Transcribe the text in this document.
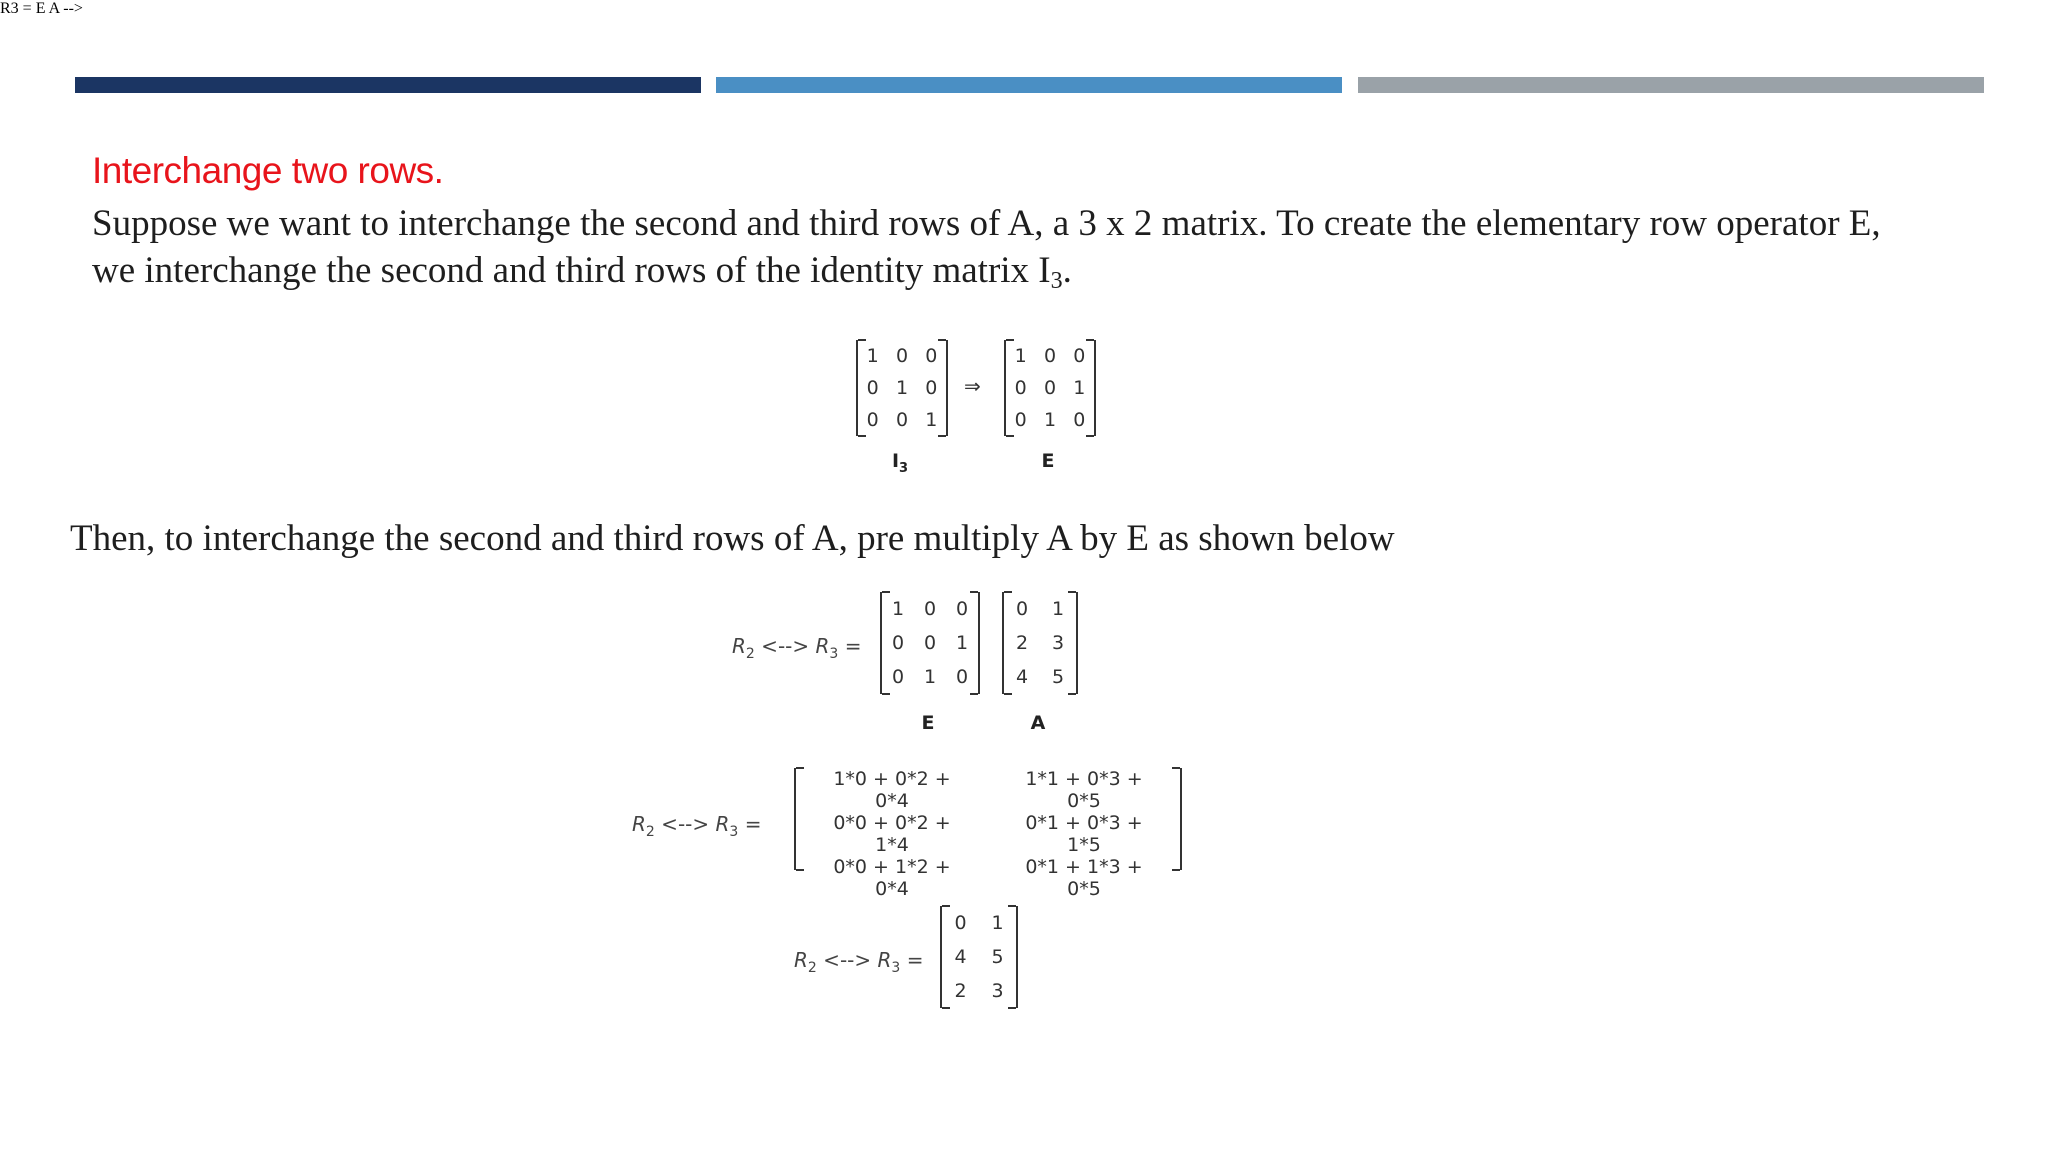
Interchange two rows.
Suppose we want to interchange the second and third rows of A, a 3 x 2 matrix. To create the elementary row operator E,
we interchange the second and third rows of the identity matrix $I_3$.
1	0	0
0	1	0
0	0	1
⇒
1	0	0
0	0	1
0	1	0
$I_3$	E
Then, to interchange the second and third rows of A, pre multiply A by E as shown below
R3 = E A -->
$R_2$ <--> $R_3$ =
1	0	0
0	0	1
0	1	0
0	1
2	3
4	5
E	A
$R_2$ <--> $R_3$ =
1*0 + 0*2 + 0*4	1*1 + 0*3 + 0*5
0*0 + 0*2 + 1*4	0*1 + 0*3 + 1*5
0*0 + 1*2 + 0*4	0*1 + 1*3 + 0*5
$R_2$ <--> $R_3$ =
0	1
4	5
2	3
